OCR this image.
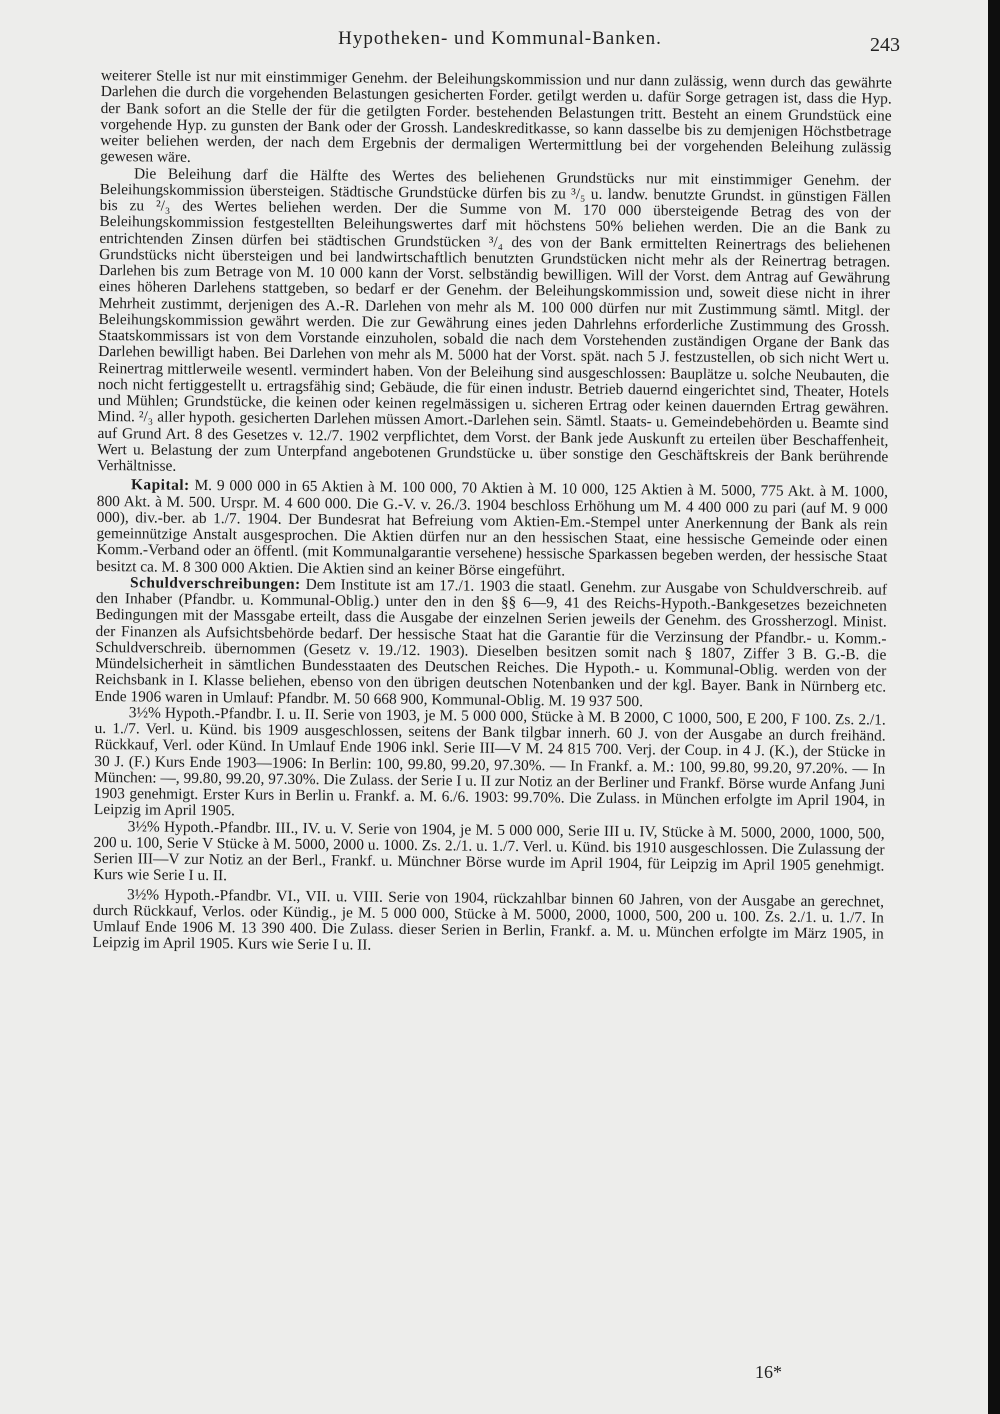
Hypotheken- und Kommunal-Banken.	243

weiterer Stelle ist nur mit einstimmiger Genehm. der Beleihungskommission und nur dann zulässig, wenn durch das gewährte Darlehen die durch die vorgehenden Belastungen gesicherten Forder. getilgt werden u. dafür Sorge getragen ist, dass die Hyp. der Bank sofort an die Stelle der für die getilgten Forder. bestehenden Belastungen tritt. Besteht an einem Grundstück eine vorgehende Hyp. zu gunsten der Bank oder der Grossh. Landeskreditkasse, so kann dasselbe bis zu demjenigen Höchstbetrage weiter beliehen werden, der nach dem Ergebnis der dermaligen Wertermittlung bei der vorgehenden Beleihung zulässig gewesen wäre.

Die Beleihung darf die Hälfte des Wertes des beliehenen Grundstücks nur mit einstimmiger Genehm. der Beleihungskommission übersteigen. Städtische Grundstücke dürfen bis zu ³/₅ u. landw. benutzte Grundst. in günstigen Fällen bis zu ²/₃ des Wertes beliehen werden. Der die Summe von M. 170 000 übersteigende Betrag des von der Beleihungskommission festgestellten Beleihungswertes darf mit höchstens 50% beliehen werden. Die an die Bank zu entrichtenden Zinsen dürfen bei städtischen Grundstücken ³/₄ des von der Bank ermittelten Reinertrags des beliehenen Grundstücks nicht übersteigen und bei landwirtschaftlich benutzten Grundstücken nicht mehr als der Reinertrag betragen. Darlehen bis zum Betrage von M. 10 000 kann der Vorst. selbständig bewilligen. Will der Vorst. dem Antrag auf Gewährung eines höheren Darlehens stattgeben, so bedarf er der Genehm. der Beleihungskommission und, soweit diese nicht in ihrer Mehrheit zustimmt, derjenigen des A.-R. Darlehen von mehr als M. 100 000 dürfen nur mit Zustimmung sämtl. Mitgl. der Beleihungskommission gewährt werden. Die zur Gewährung eines jeden Dahrlehns erforderliche Zustimmung des Grossh. Staatskommissars ist von dem Vorstande einzuholen, sobald die nach dem Vorstehenden zuständigen Organe der Bank das Darlehen bewilligt haben. Bei Darlehen von mehr als M. 5000 hat der Vorst. spät. nach 5 J. festzustellen, ob sich nicht Wert u. Reinertrag mittlerweile wesentl. vermindert haben. Von der Beleihung sind ausgeschlossen: Bauplätze u. solche Neubauten, die noch nicht fertiggestellt u. ertragsfähig sind; Gebäude, die für einen industr. Betrieb dauernd eingerichtet sind, Theater, Hotels und Mühlen; Grundstücke, die keinen oder keinen regelmässigen u. sicheren Ertrag oder keinen dauernden Ertrag gewähren. Mind. ²/₃ aller hypoth. gesicherten Darlehen müssen Amort.-Darlehen sein. Sämtl. Staats- u. Gemeindebehörden u. Beamte sind auf Grund Art. 8 des Gesetzes v. 12./7. 1902 verpflichtet, dem Vorst. der Bank jede Auskunft zu erteilen über Beschaffenheit, Wert u. Belastung der zum Unterpfand angebotenen Grundstücke u. über sonstige den Geschäftskreis der Bank berührende Verhältnisse.

Kapital: M. 9 000 000 in 65 Aktien à M. 100 000, 70 Aktien à M. 10 000, 125 Aktien à M. 5000, 775 Akt. à M. 1000, 800 Akt. à M. 500. Urspr. M. 4 600 000. Die G.-V. v. 26./3. 1904 beschloss Erhöhung um M. 4 400 000 zu pari (auf M. 9 000 000), div.-ber. ab 1./7. 1904. Der Bundesrat hat Befreiung vom Aktien-Em.-Stempel unter Anerkennung der Bank als rein gemeinnützige Anstalt ausgesprochen. Die Aktien dürfen nur an den hessischen Staat, eine hessische Gemeinde oder einen Komm.-Verband oder an öffentl. (mit Kommunalgarantie versehene) hessische Sparkassen begeben werden, der hessische Staat besitzt ca. M. 8 300 000 Aktien. Die Aktien sind an keiner Börse eingeführt.

Schuldverschreibungen: Dem Institute ist am 17./1. 1903 die staatl. Genehm. zur Ausgabe von Schuldverschreib. auf den Inhaber (Pfandbr. u. Kommunal-Oblig.) unter den in den §§ 6—9, 41 des Reichs-Hypoth.-Bankgesetzes bezeichneten Bedingungen mit der Massgabe erteilt, dass die Ausgabe der einzelnen Serien jeweils der Genehm. des Grossherzogl. Minist. der Finanzen als Aufsichtsbehörde bedarf. Der hessische Staat hat die Garantie für die Verzinsung der Pfandbr.- u. Komm.-Schuldverschreib. übernommen (Gesetz v. 19./12. 1903). Dieselben besitzen somit nach § 1807, Ziffer 3 B. G.-B. die Mündelsicherheit in sämtlichen Bundesstaaten des Deutschen Reiches. Die Hypoth.- u. Kommunal-Oblig. werden von der Reichsbank in I. Klasse beliehen, ebenso von den übrigen deutschen Notenbanken und der kgl. Bayer. Bank in Nürnberg etc. Ende 1906 waren in Umlauf: Pfandbr. M. 50 668 900, Kommunal-Oblig. M. 19 937 500.

3½% Hypoth.-Pfandbr. I. u. II. Serie von 1903, je M. 5 000 000, Stücke à M. B 2000, C 1000, 500, E 200, F 100. Zs. 2./1. u. 1./7. Verl. u. Künd. bis 1909 ausgeschlossen, seitens der Bank tilgbar innerh. 60 J. von der Ausgabe an durch freihänd. Rückkauf, Verl. oder Künd. In Umlauf Ende 1906 inkl. Serie III—V M. 24 815 700. Verj. der Coup. in 4 J. (K.), der Stücke in 30 J. (F.) Kurs Ende 1903—1906: In Berlin: 100, 99.80, 99.20, 97.30%. — In Frankf. a. M.: 100, 99.80, 99.20, 97.20%. — In München: —, 99.80, 99.20, 97.30%. Die Zulass. der Serie I u. II zur Notiz an der Berliner und Frankf. Börse wurde Anfang Juni 1903 genehmigt. Erster Kurs in Berlin u. Frankf. a. M. 6./6. 1903: 99.70%. Die Zulass. in München erfolgte im April 1904, in Leipzig im April 1905.

3½% Hypoth.-Pfandbr. III., IV. u. V. Serie von 1904, je M. 5 000 000, Serie III u. IV, Stücke à M. 5000, 2000, 1000, 500, 200 u. 100, Serie V Stücke à M. 5000, 2000 u. 1000. Zs. 2./1. u. 1./7. Verl. u. Künd. bis 1910 ausgeschlossen. Die Zulassung der Serien III—V zur Notiz an der Berl., Frankf. u. Münchner Börse wurde im April 1904, für Leipzig im April 1905 genehmigt. Kurs wie Serie I u. II.

3½% Hypoth.-Pfandbr. VI., VII. u. VIII. Serie von 1904, rückzahlbar binnen 60 Jahren, von der Ausgabe an gerechnet, durch Rückkauf, Verlos. oder Kündig., je M. 5 000 000, Stücke à M. 5000, 2000, 1000, 500, 200 u. 100. Zs. 2./1. u. 1./7. In Umlauf Ende 1906 M. 13 390 400. Die Zulass. dieser Serien in Berlin, Frankf. a. M. u. München erfolgte im März 1905, in Leipzig im April 1905. Kurs wie Serie I u. II.

16*
